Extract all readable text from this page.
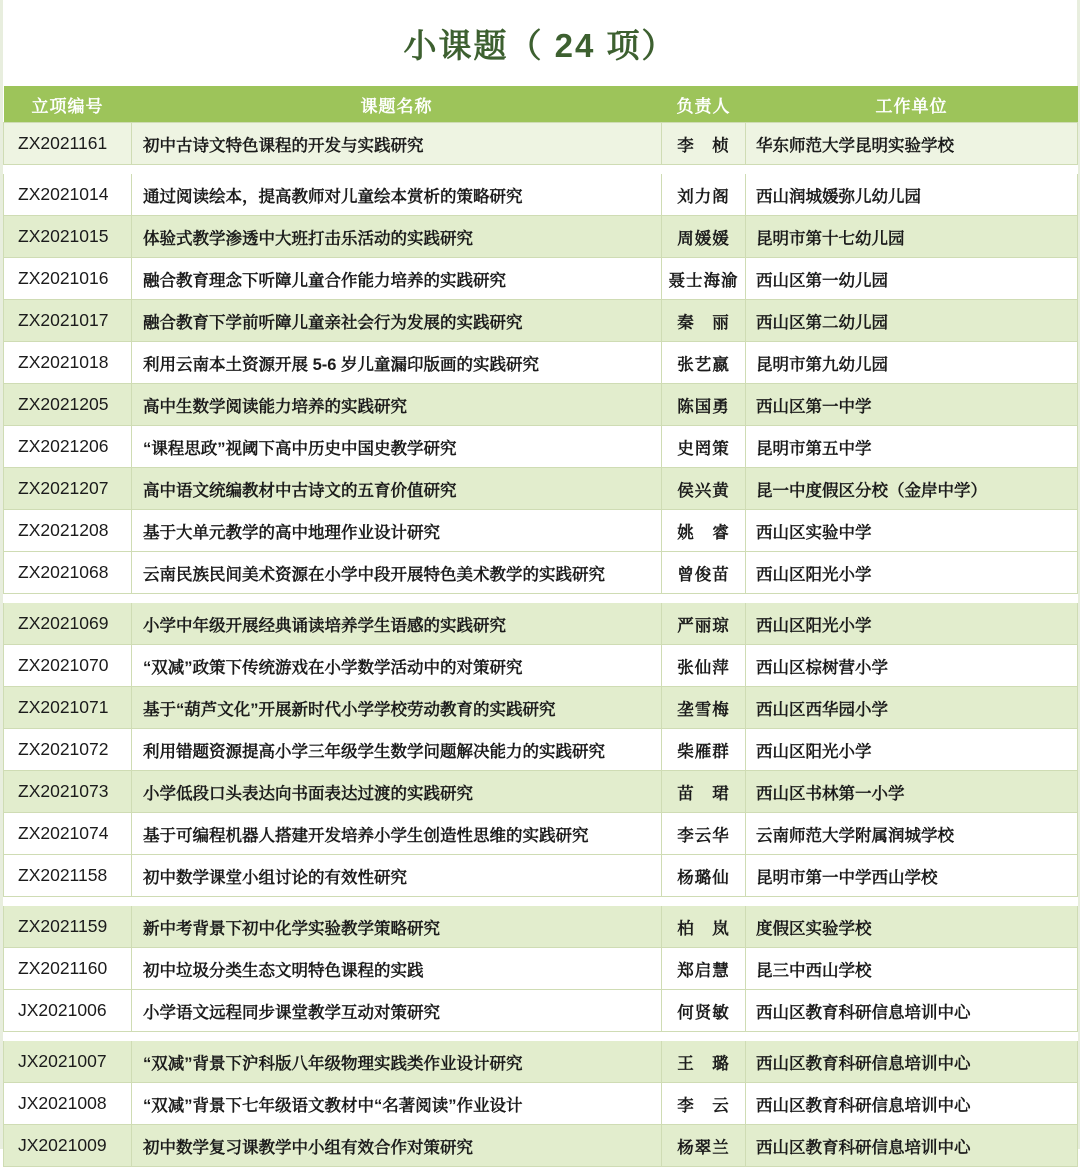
小课题（ 24 项）
立项编号	课题名称	负责人	工作单位
ZX2021161	初中古诗文特色课程的开发与实践研究	李　桢	华东师范大学昆明实验学校

ZX2021014	通过阅读绘本，提高教师对儿童绘本赏析的策略研究	刘力阁	西山润城媛弥儿幼儿园
ZX2021015	体验式教学渗透中大班打击乐活动的实践研究	周媛媛	昆明市第十七幼儿园
ZX2021016	融合教育理念下听障儿童合作能力培养的实践研究	聂士海渝	西山区第一幼儿园
ZX2021017	融合教育下学前听障儿童亲社会行为发展的实践研究	秦　丽	西山区第二幼儿园
ZX2021018	利用云南本土资源开展 5-6 岁儿童漏印版画的实践研究	张艺嬴	昆明市第九幼儿园
ZX2021205	高中生数学阅读能力培养的实践研究	陈国勇	西山区第一中学
ZX2021206	“课程思政”视阈下高中历史中国史教学研究	史罔策	昆明市第五中学
ZX2021207	高中语文统编教材中古诗文的五育价值研究	侯兴黄	昆一中度假区分校（金岸中学）
ZX2021208	基于大单元教学的高中地理作业设计研究	姚　睿	西山区实验中学
ZX2021068	云南民族民间美术资源在小学中段开展特色美术教学的实践研究	曾俊苗	西山区阳光小学

ZX2021069	小学中年级开展经典诵读培养学生语感的实践研究	严丽琼	西山区阳光小学
ZX2021070	“双减”政策下传统游戏在小学数学活动中的对策研究	张仙萍	西山区棕树营小学
ZX2021071	基于“葫芦文化”开展新时代小学学校劳动教育的实践研究	垄雪梅	西山区西华园小学
ZX2021072	利用错题资源提高小学三年级学生数学问题解决能力的实践研究	柴雁群	西山区阳光小学
ZX2021073	小学低段口头表达向书面表达过渡的实践研究	苗　珺	西山区书林第一小学
ZX2021074	基于可编程机器人搭建开发培养小学生创造性思维的实践研究	李云华	云南师范大学附属润城学校
ZX2021158	初中数学课堂小组讨论的有效性研究	杨璐仙	昆明市第一中学西山学校

ZX2021159	新中考背景下初中化学实验教学策略研究	柏　岚	度假区实验学校
ZX2021160	初中垃圾分类生态文明特色课程的实践	郑启慧	昆三中西山学校
JX2021006	小学语文远程同步课堂教学互动对策研究	何贤敏	西山区教育科研信息培训中心

JX2021007	“双减”背景下沪科版八年级物理实践类作业设计研究	王　璐	西山区教育科研信息培训中心
JX2021008	“双减”背景下七年级语文教材中“名著阅读”作业设计	李　云	西山区教育科研信息培训中心
JX2021009	初中数学复习课教学中小组有效合作对策研究	杨翠兰	西山区教育科研信息培训中心
